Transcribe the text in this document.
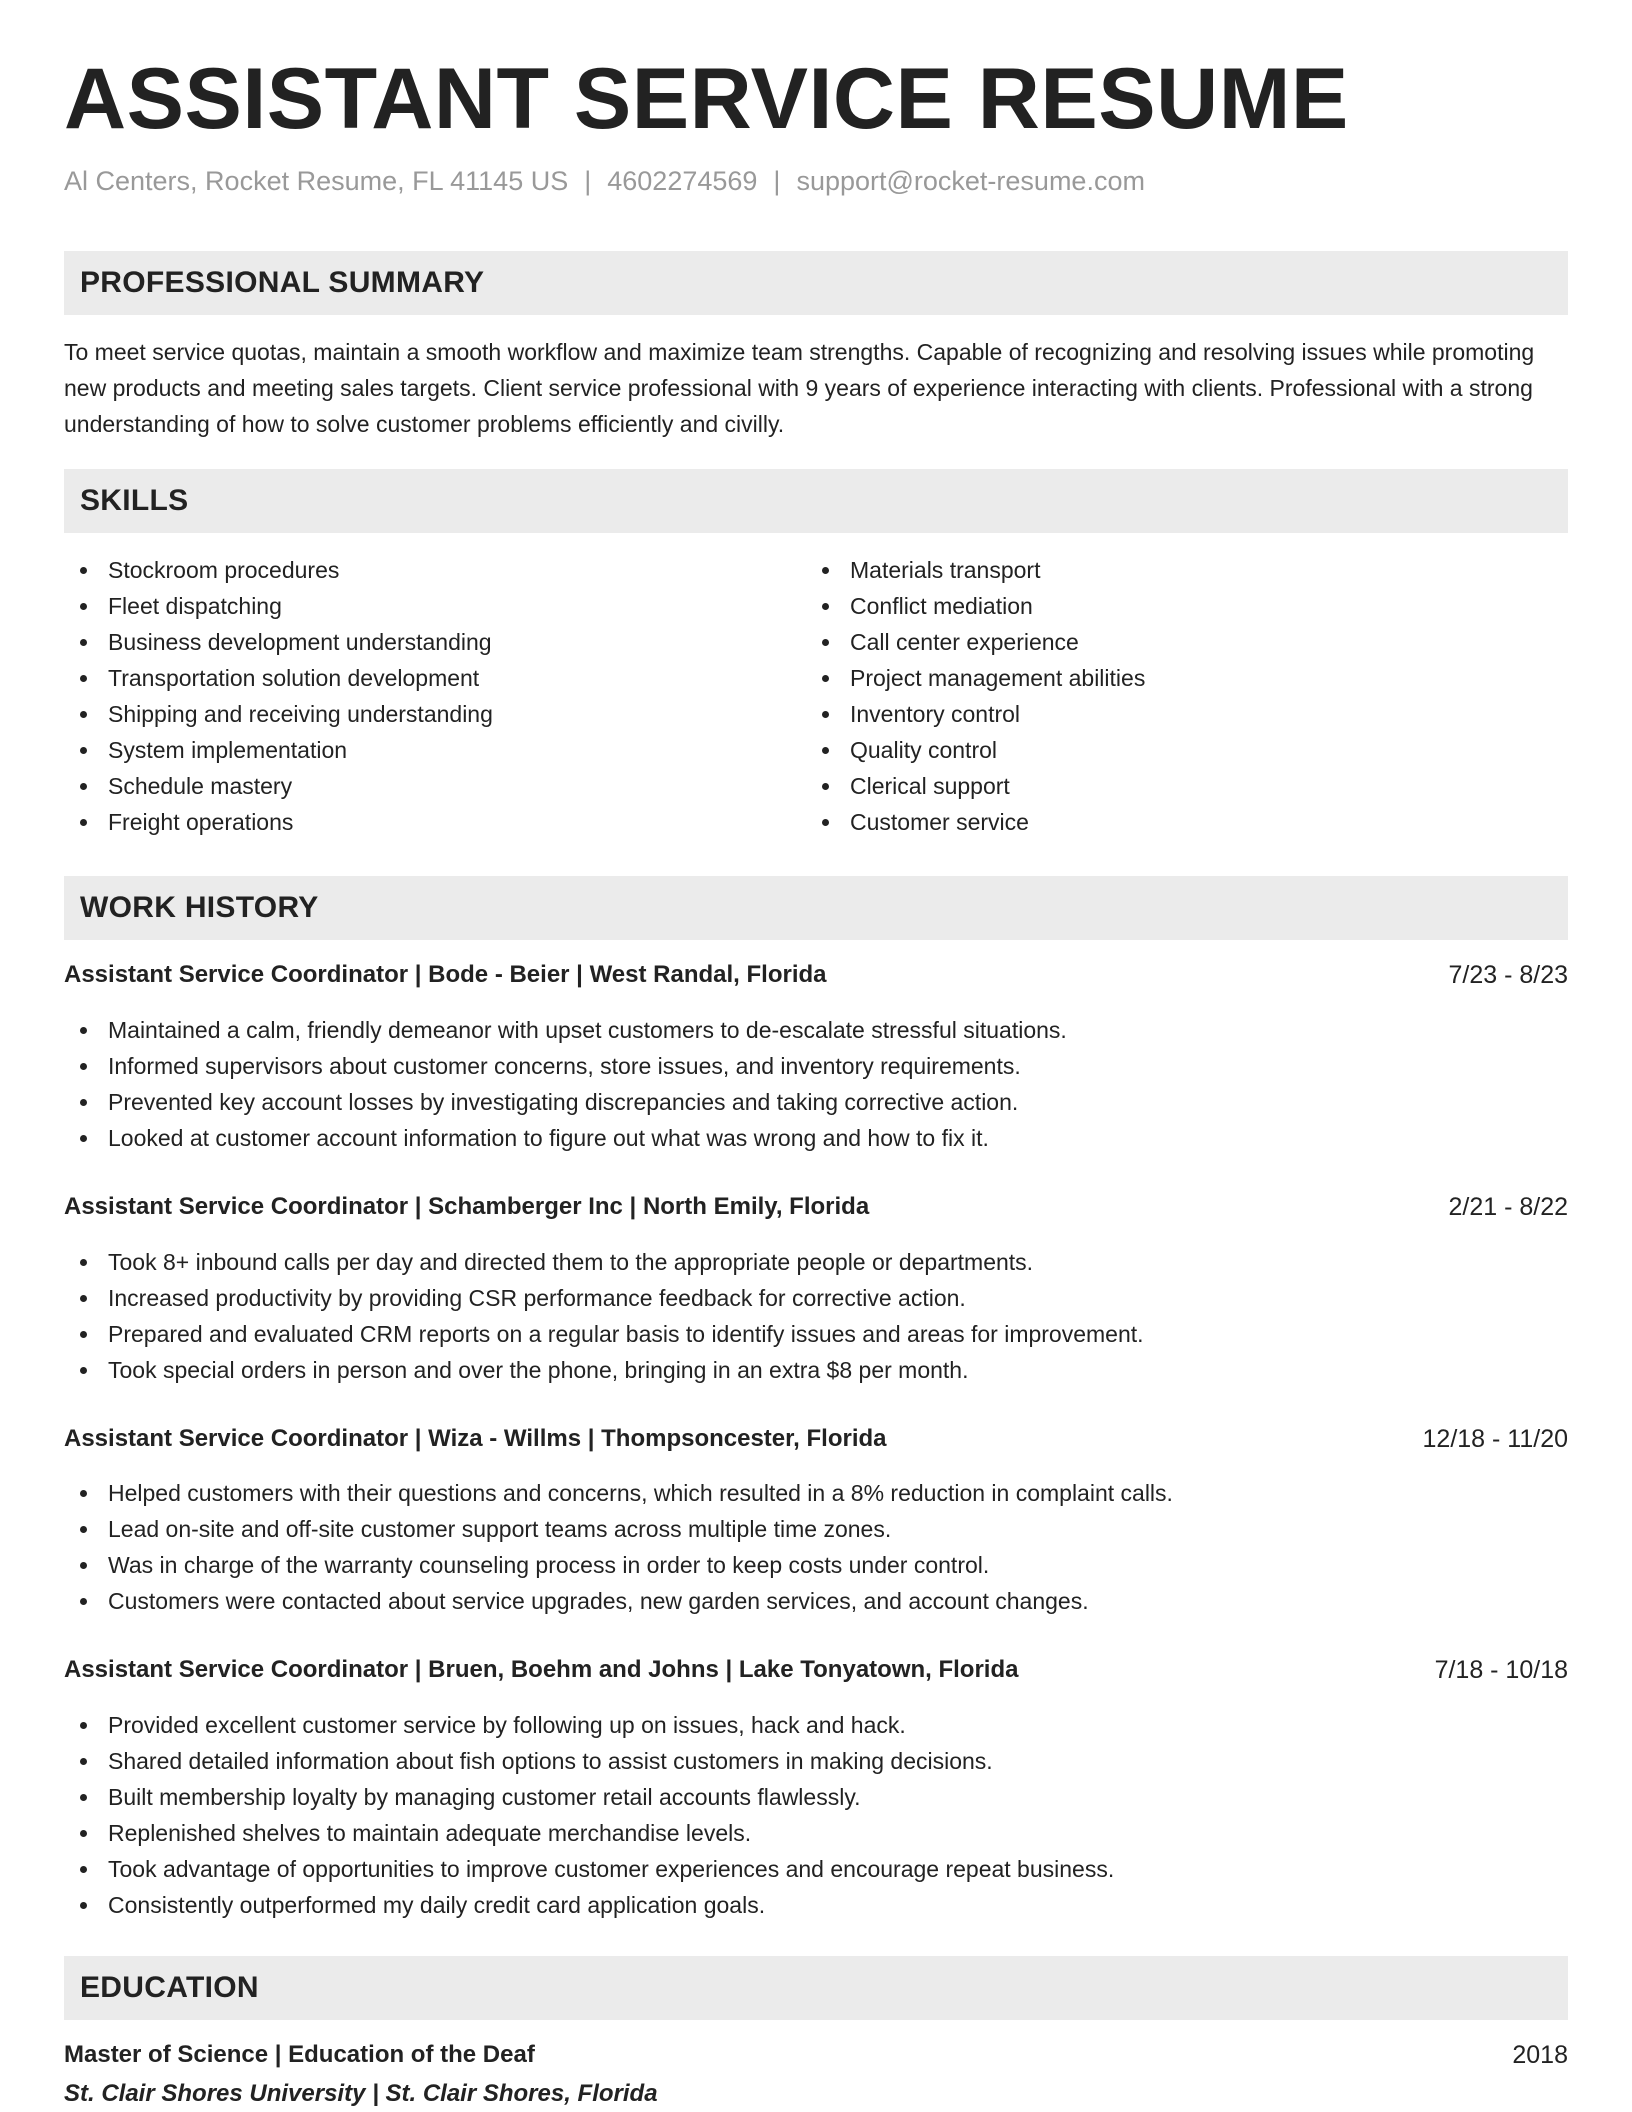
ASSISTANT SERVICE RESUME
Al Centers, Rocket Resume, FL 41145 US | 4602274569 | support@rocket-resume.com
PROFESSIONAL SUMMARY

To meet service quotas, maintain a smooth workflow and maximize team strengths. Capable of recognizing and resolving issues while promoting new products and meeting sales targets. Client service professional with 9 years of experience interacting with clients. Professional with a strong understanding of how to solve customer problems efficiently and civilly.

SKILLS
Stockroom procedures
Fleet dispatching
Business development understanding
Transportation solution development
Shipping and receiving understanding
System implementation
Schedule mastery
Freight operations
Materials transport
Conflict mediation
Call center experience
Project management abilities
Inventory control
Quality control
Clerical support
Customer service
WORK HISTORY
Assistant Service Coordinator | Bode - Beier | West Randal, Florida	7/23 - 8/23
Maintained a calm, friendly demeanor with upset customers to de-escalate stressful situations.
Informed supervisors about customer concerns, store issues, and inventory requirements.
Prevented key account losses by investigating discrepancies and taking corrective action.
Looked at customer account information to figure out what was wrong and how to fix it.
Assistant Service Coordinator | Schamberger Inc | North Emily, Florida	2/21 - 8/22
Took 8+ inbound calls per day and directed them to the appropriate people or departments.
Increased productivity by providing CSR performance feedback for corrective action.
Prepared and evaluated CRM reports on a regular basis to identify issues and areas for improvement.
Took special orders in person and over the phone, bringing in an extra $8 per month.
Assistant Service Coordinator | Wiza - Willms | Thompsoncester, Florida	12/18 - 11/20
Helped customers with their questions and concerns, which resulted in a 8% reduction in complaint calls.
Lead on-site and off-site customer support teams across multiple time zones.
Was in charge of the warranty counseling process in order to keep costs under control.
Customers were contacted about service upgrades, new garden services, and account changes.
Assistant Service Coordinator | Bruen, Boehm and Johns | Lake Tonyatown, Florida	7/18 - 10/18
Provided excellent customer service by following up on issues, hack and hack.
Shared detailed information about fish options to assist customers in making decisions.
Built membership loyalty by managing customer retail accounts flawlessly.
Replenished shelves to maintain adequate merchandise levels.
Took advantage of opportunities to improve customer experiences and encourage repeat business.
Consistently outperformed my daily credit card application goals.
EDUCATION
Master of Science | Education of the Deaf	2018
St. Clair Shores University | St. Clair Shores, Florida
